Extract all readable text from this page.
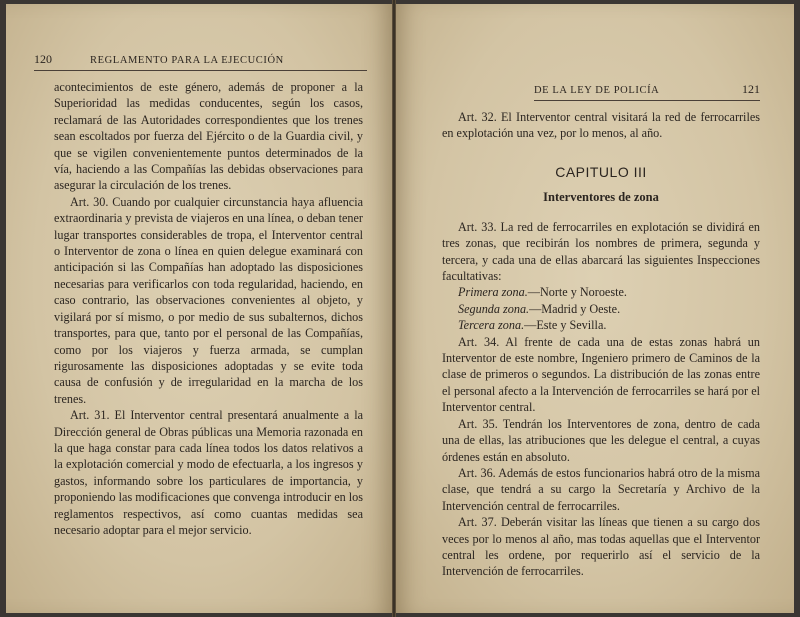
120	REGLAMENTO PARA LA EJECUCIÓN

acontecimientos de este género, además de proponer a la Superioridad las medidas conducentes, según los casos, reclamará de las Autoridades correspondientes que los trenes sean escoltados por fuerza del Ejército o de la Guardia civil, y que se vigilen convenientemente puntos determinados de la vía, haciendo a las Compañías las debidas observaciones para asegurar la circulación de los trenes.

Art. 30. Cuando por cualquier circunstancia haya afluencia extraordinaria y prevista de viajeros en una línea, o deban tener lugar transportes considerables de tropa, el Interventor central o Interventor de zona o línea en quien delegue examinará con anticipación si las Compañías han adoptado las disposiciones necesarias para verificarlos con toda regularidad, haciendo, en caso contrario, las observaciones convenientes al objeto, y vigilará por sí mismo, o por medio de sus subalternos, dichos transportes, para que, tanto por el personal de las Compañías, como por los viajeros y fuerza armada, se cumplan rigurosamente las disposiciones adoptadas y se evite toda causa de confusión y de irregularidad en la marcha de los trenes.

Art. 31. El Interventor central presentará anualmente a la Dirección general de Obras públicas una Memoria razonada en la que haga constar para cada línea todos los datos relativos a la explotación comercial y modo de efectuarla, a los ingresos y gastos, informando sobre los particulares de importancia, y proponiendo las modificaciones que convenga introducir en los reglamentos respectivos, así como cuantas medidas sea necesario adoptar para el mejor servicio.

DE LA LEY DE POLICÍA	121

Art. 32. El Interventor central visitará la red de ferrocarriles en explotación una vez, por lo menos, al año.

CAPITULO III
Interventores de zona

Art. 33. La red de ferrocarriles en explotación se dividirá en tres zonas, que recibirán los nombres de primera, segunda y tercera, y cada una de ellas abarcará las siguientes Inspecciones facultativas:

Primera zona.—Norte y Noroeste.

Segunda zona.—Madrid y Oeste.

Tercera zona.—Este y Sevilla.

Art. 34. Al frente de cada una de estas zonas habrá un Interventor de este nombre, Ingeniero primero de Caminos de la clase de primeros o segundos. La distribución de las zonas entre el personal afecto a la Intervención de ferrocarriles se hará por el Interventor central.

Art. 35. Tendrán los Interventores de zona, dentro de cada una de ellas, las atribuciones que les delegue el central, a cuyas órdenes están en absoluto.

Art. 36. Además de estos funcionarios habrá otro de la misma clase, que tendrá a su cargo la Secretaría y Archivo de la Intervención central de ferrocarriles.

Art. 37. Deberán visitar las líneas que tienen a su cargo dos veces por lo menos al año, mas todas aquellas que el Interventor central les ordene, por requerirlo así el servicio de la Intervención de ferrocarriles.
